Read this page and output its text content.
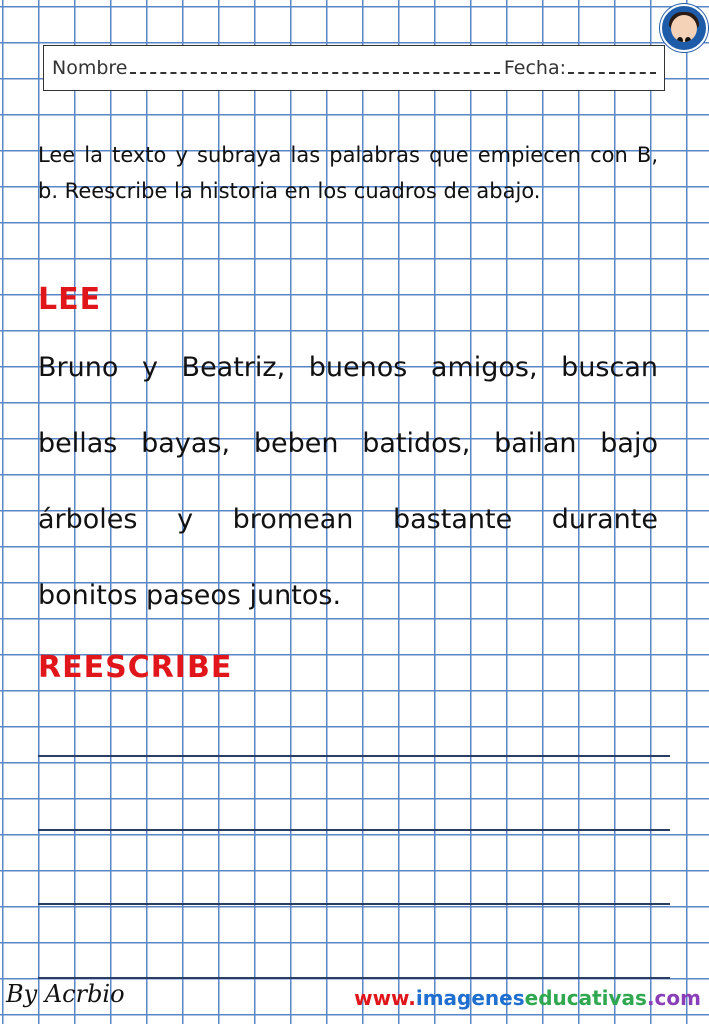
Nombre	Fecha:

Lee la texto y subraya las palabras que empiecen con B, b. Reescribe la historia en los cuadros de abajo.

LEE
Bruno y Beatriz, buenos amigos, buscan
bellas bayas, beben batidos, bailan bajo
árboles y bromean bastante durante
bonitos paseos juntos.
REESCRIBE
By Acrbio	www.imageneseducativas.com
